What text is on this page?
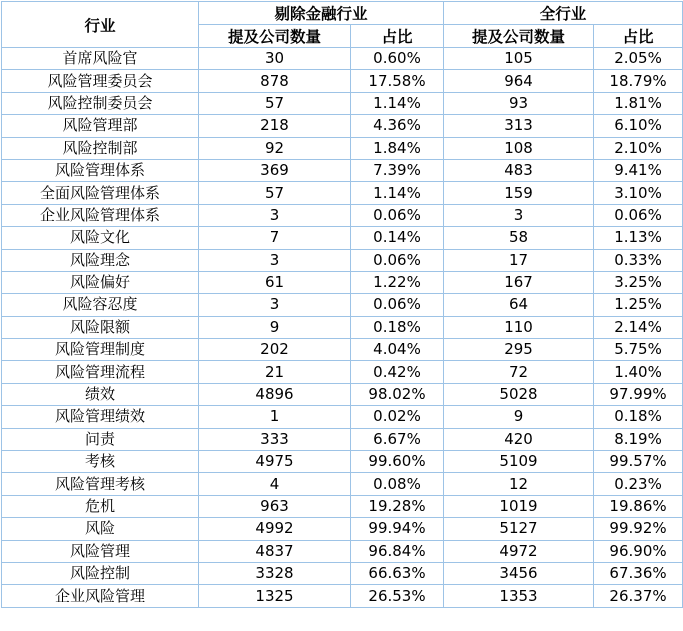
行业	剔除金融行业		全行业	
	提及公司数量	占比	提及公司数量	占比
首席风险官	30	0.60%	105	2.05%
风险管理委员会	878	17.58%	964	18.79%
风险控制委员会	57	1.14%	93	1.81%
风险管理部	218	4.36%	313	6.10%
风险控制部	92	1.84%	108	2.10%
风险管理体系	369	7.39%	483	9.41%
全面风险管理体系	57	1.14%	159	3.10%
企业风险管理体系	3	0.06%	3	0.06%
风险文化	7	0.14%	58	1.13%
风险理念	3	0.06%	17	0.33%
风险偏好	61	1.22%	167	3.25%
风险容忍度	3	0.06%	64	1.25%
风险限额	9	0.18%	110	2.14%
风险管理制度	202	4.04%	295	5.75%
风险管理流程	21	0.42%	72	1.40%
绩效	4896	98.02%	5028	97.99%
风险管理绩效	1	0.02%	9	0.18%
问责	333	6.67%	420	8.19%
考核	4975	99.60%	5109	99.57%
风险管理考核	4	0.08%	12	0.23%
危机	963	19.28%	1019	19.86%
风险	4992	99.94%	5127	99.92%
风险管理	4837	96.84%	4972	96.90%
风险控制	3328	66.63%	3456	67.36%
企业风险管理	1325	26.53%	1353	26.37%
